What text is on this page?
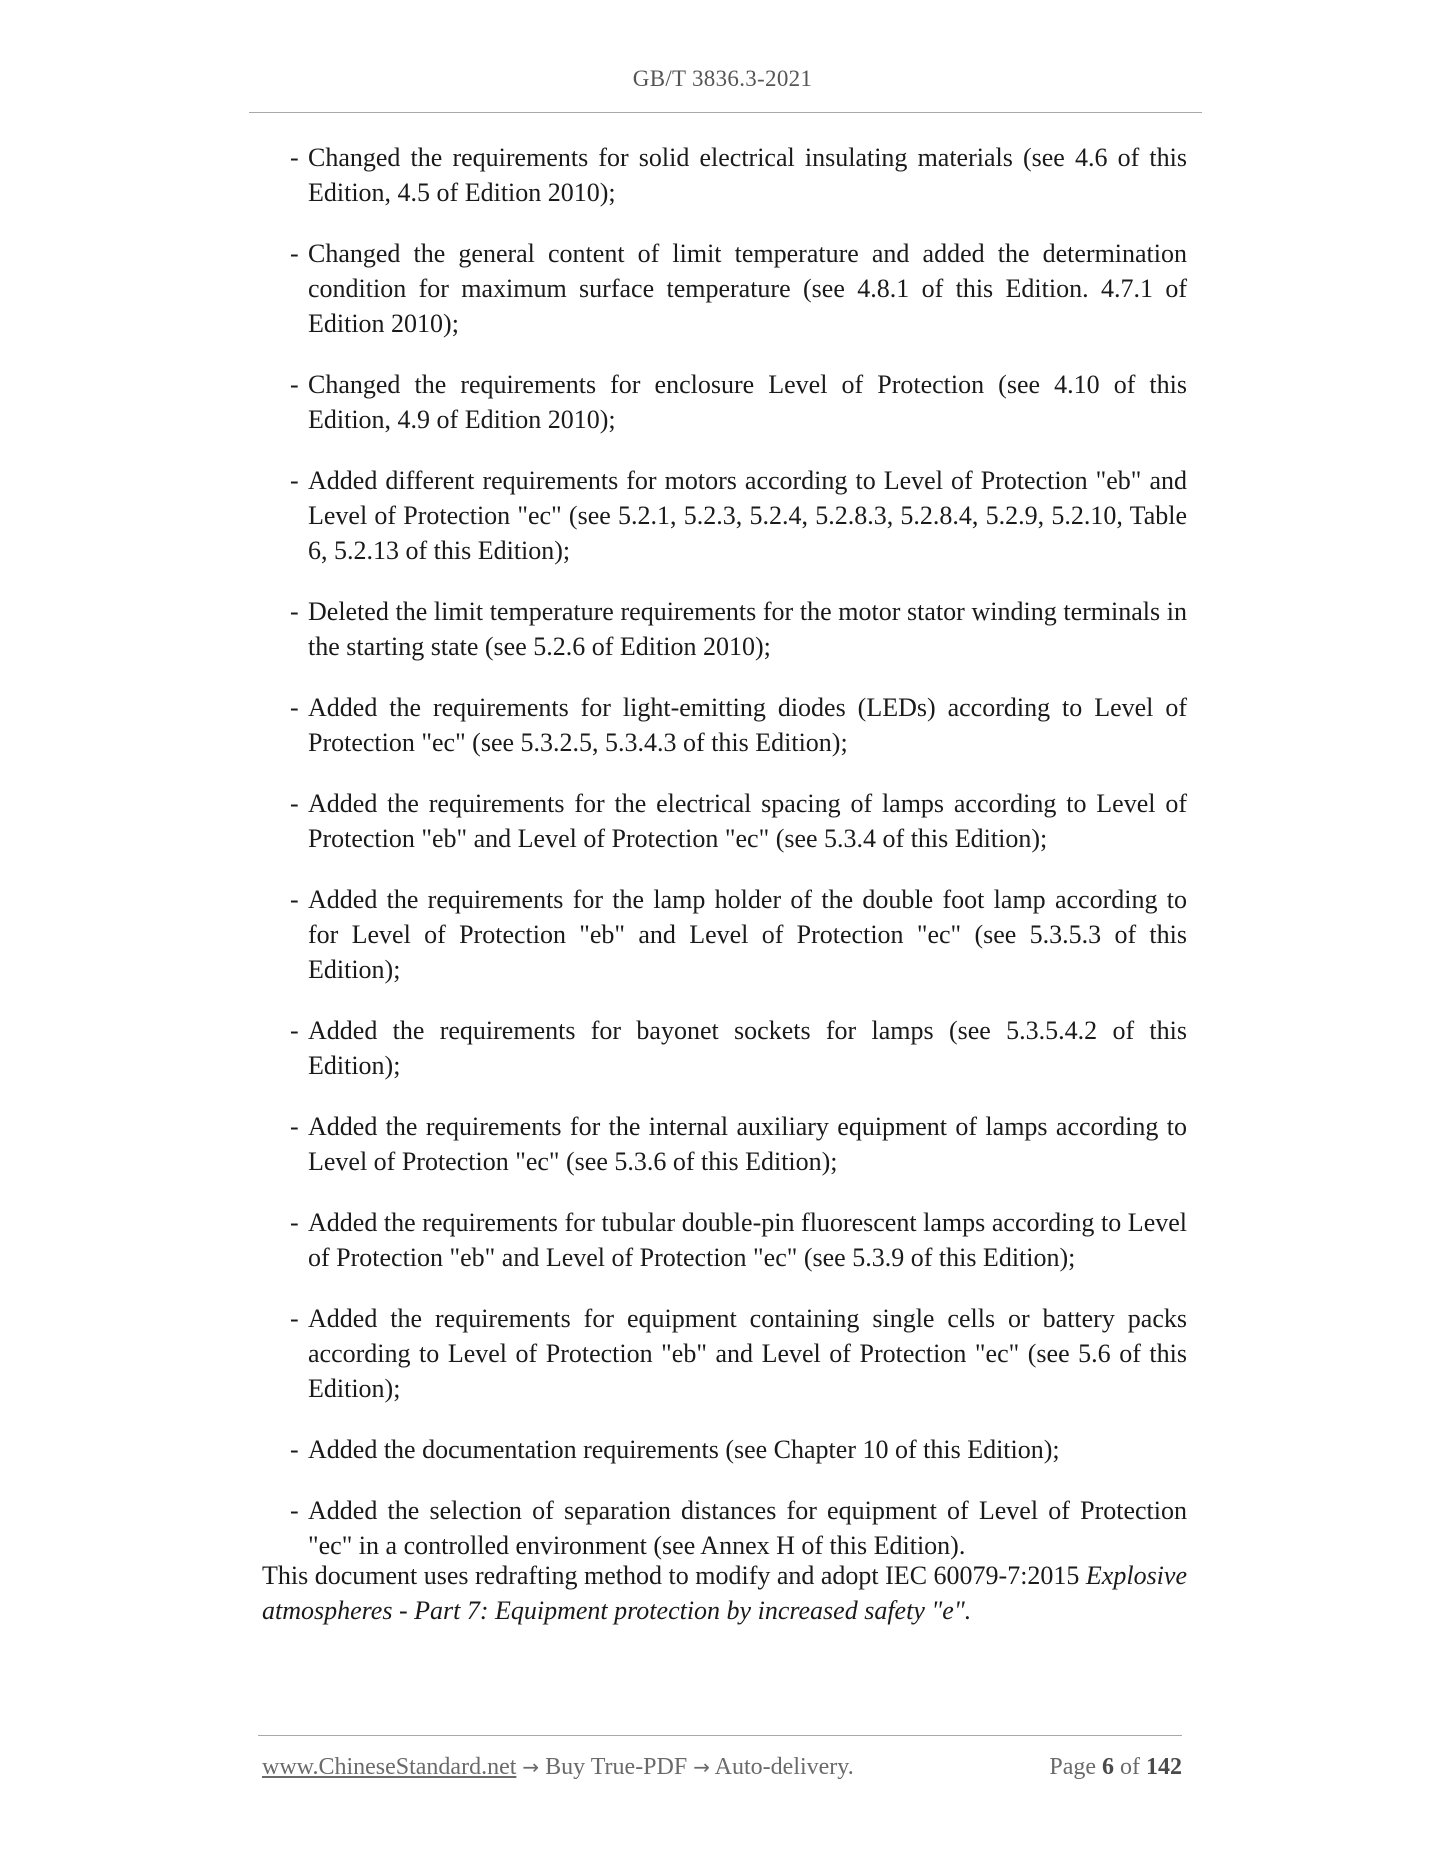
GB/T 3836.3-2021

- Changed the requirements for solid electrical insulating materials (see 4.6 of this Edition, 4.5 of Edition 2010);

- Changed the general content of limit temperature and added the determination condition for maximum surface temperature (see 4.8.1 of this Edition. 4.7.1 of Edition 2010);

- Changed the requirements for enclosure Level of Protection (see 4.10 of this Edition, 4.9 of Edition 2010);

- Added different requirements for motors according to Level of Protection "eb" and Level of Protection "ec" (see 5.2.1, 5.2.3, 5.2.4, 5.2.8.3, 5.2.8.4, 5.2.9, 5.2.10, Table 6, 5.2.13 of this Edition);

- Deleted the limit temperature requirements for the motor stator winding terminals in the starting state (see 5.2.6 of Edition 2010);

- Added the requirements for light-emitting diodes (LEDs) according to Level of Protection "ec" (see 5.3.2.5, 5.3.4.3 of this Edition);

- Added the requirements for the electrical spacing of lamps according to Level of Protection "eb" and Level of Protection "ec" (see 5.3.4 of this Edition);

- Added the requirements for the lamp holder of the double foot lamp according to for Level of Protection "eb" and Level of Protection "ec" (see 5.3.5.3 of this Edition);

- Added the requirements for bayonet sockets for lamps (see 5.3.5.4.2 of this Edition);

- Added the requirements for the internal auxiliary equipment of lamps according to Level of Protection "ec" (see 5.3.6 of this Edition);

- Added the requirements for tubular double-pin fluorescent lamps according to Level of Protection "eb" and Level of Protection "ec" (see 5.3.9 of this Edition);

- Added the requirements for equipment containing single cells or battery packs according to Level of Protection "eb" and Level of Protection "ec" (see 5.6 of this Edition);

- Added the documentation requirements (see Chapter 10 of this Edition);

- Added the selection of separation distances for equipment of Level of Protection "ec" in a controlled environment (see Annex H of this Edition).

This document uses redrafting method to modify and adopt IEC 60079-7:2015 Explosive atmospheres - Part 7: Equipment protection by increased safety "e".

www.ChineseStandard.net → Buy True-PDF → Auto-delivery.	Page 6 of 142
